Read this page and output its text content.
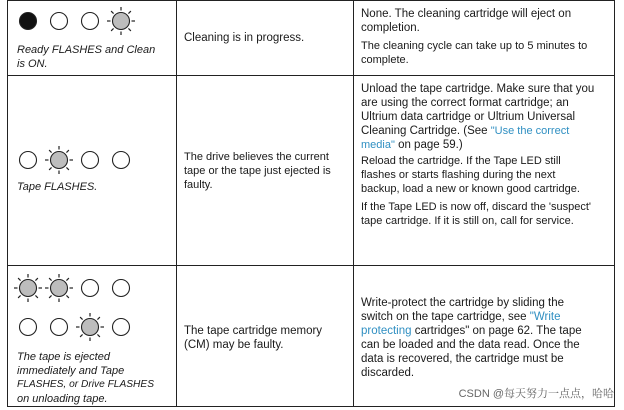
Ready FLASHES and Clean
is ON.
Cleaning is in progress.

None. The cleaning cartridge will eject on completion.

The cleaning cycle can take up to 5 minutes to complete.

Tape FLASHES.
The drive believes the current tape or the tape just ejected is faulty.

Unload the tape cartridge. Make sure that you are using the correct format cartridge; an Ultrium data cartridge or Ultrium Universal Cleaning Cartridge. (See "Use the correct media" on page 59.)

Reload the cartridge. If the Tape LED still flashes or starts flashing during the next backup, load a new or known good cartridge.

If the Tape LED is now off, discard the 'suspect' tape cartridge. If it is still on, call for service.

The tape is ejected
immediately and Tape
FLASHES, or Drive FLASHES
on unloading tape.
The tape cartridge memory (CM) may be faulty.

Write-protect the cartridge by sliding the switch on the tape cartridge, see "Write protecting cartridges" on page 62. The tape can be loaded and the data read. Once the data is recovered, the cartridge must be discarded.

CSDN @每天努力一点点，哈哈
